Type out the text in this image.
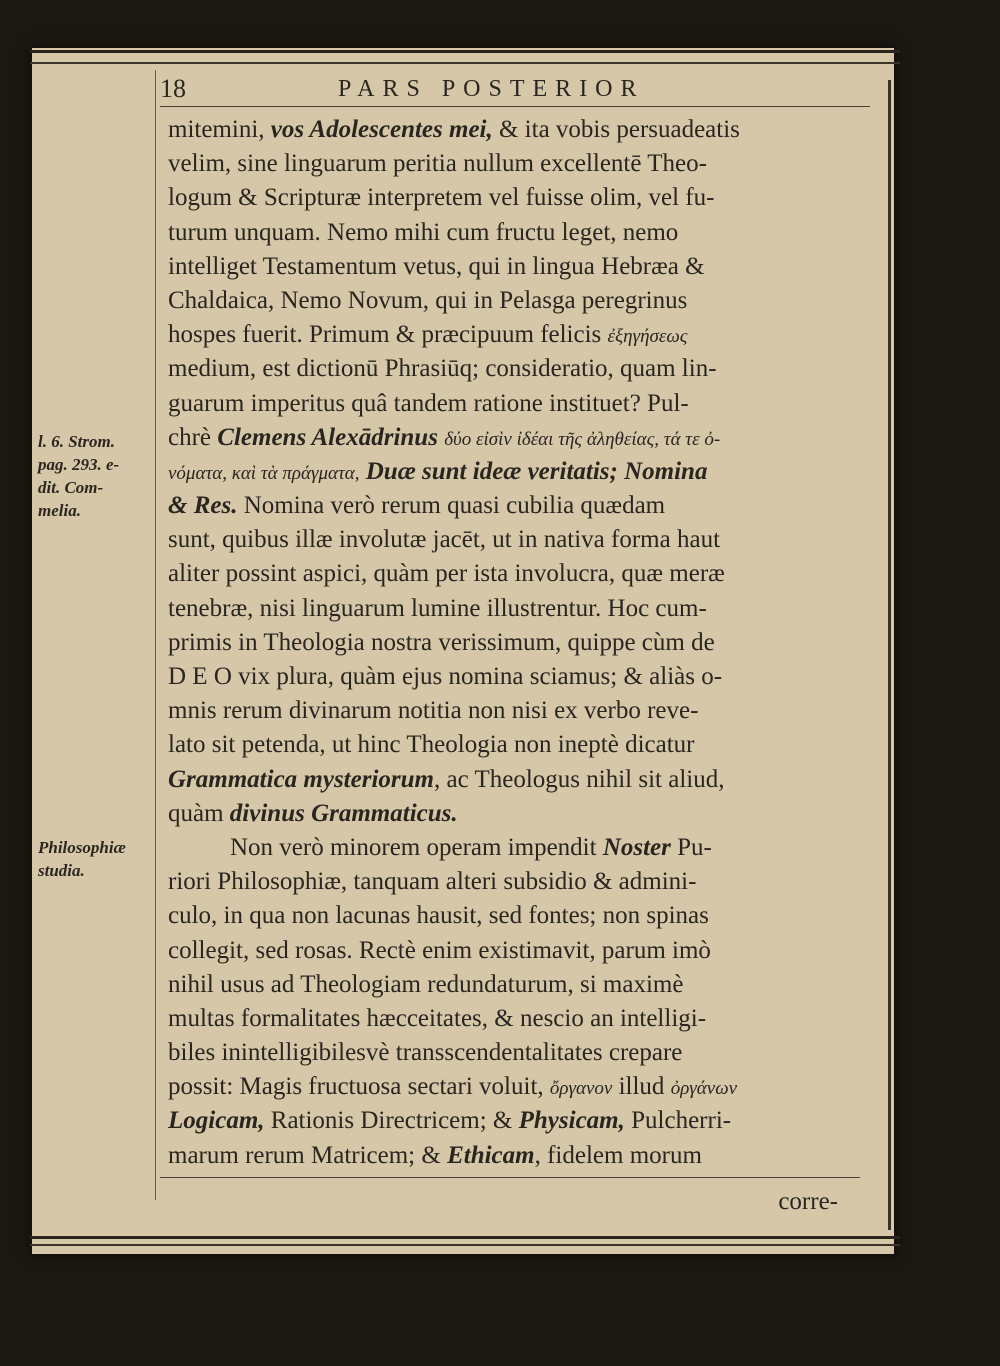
18	PARS POSTERIOR
l. 6. Strom.
pag. 293. e-
dit. Com-
melia.
Philosophiæ
studia.
mitemini, vos Adolescentes mei, & ita vobis persuadeatis
velim, sine linguarum peritia nullum excellentē Theo-
logum & Scripturæ interpretem vel fuisse olim, vel fu-
turum unquam. Nemo mihi cum fructu leget, nemo
intelliget Testamentum vetus, qui in lingua Hebræa &
Chaldaica, Nemo Novum, qui in Pelasga peregrinus
hospes fuerit. Primum & præcipuum felicis ἐξηγήσεως
medium, est dictionū Phrasiūq; consideratio, quam lin-
guarum imperitus quâ tandem ratione instituet? Pul-
chrè Clemens Alexādrinus δύο εἰσὶν ἰδέαι τῆς ἀληθείας, τά τε ὀ-
νόματα, καὶ τὰ πράγματα, Duæ sunt ideæ veritatis; Nomina
& Res. Nomina verò rerum quasi cubilia quædam
sunt, quibus illæ involutæ jacēt, ut in nativa forma haut
aliter possint aspici, quàm per ista involucra, quæ meræ
tenebræ, nisi linguarum lumine illustrentur. Hoc cum-
primis in Theologia nostra verissimum, quippe cùm de
D E O vix plura, quàm ejus nomina sciamus; & aliàs o-
mnis rerum divinarum notitia non nisi ex verbo reve-
lato sit petenda, ut hinc Theologia non ineptè dicatur
Grammatica mysteriorum, ac Theologus nihil sit aliud,
quàm divinus Grammaticus.
Non verò minorem operam impendit Noster Pu-
riori Philosophiæ, tanquam alteri subsidio & admini-
culo, in qua non lacunas hausit, sed fontes; non spinas
collegit, sed rosas. Rectè enim existimavit, parum imò
nihil usus ad Theologiam redundaturum, si maximè
multas formalitates hæcceitates, & nescio an intelligi-
biles inintelligibilesvè transscendentalitates crepare
possit: Magis fructuosa sectari voluit, ὄργανον illud ὀργάνων
Logicam, Rationis Directricem; & Physicam, Pulcherri-
marum rerum Matricem; & Ethicam, fidelem morum
corre-
